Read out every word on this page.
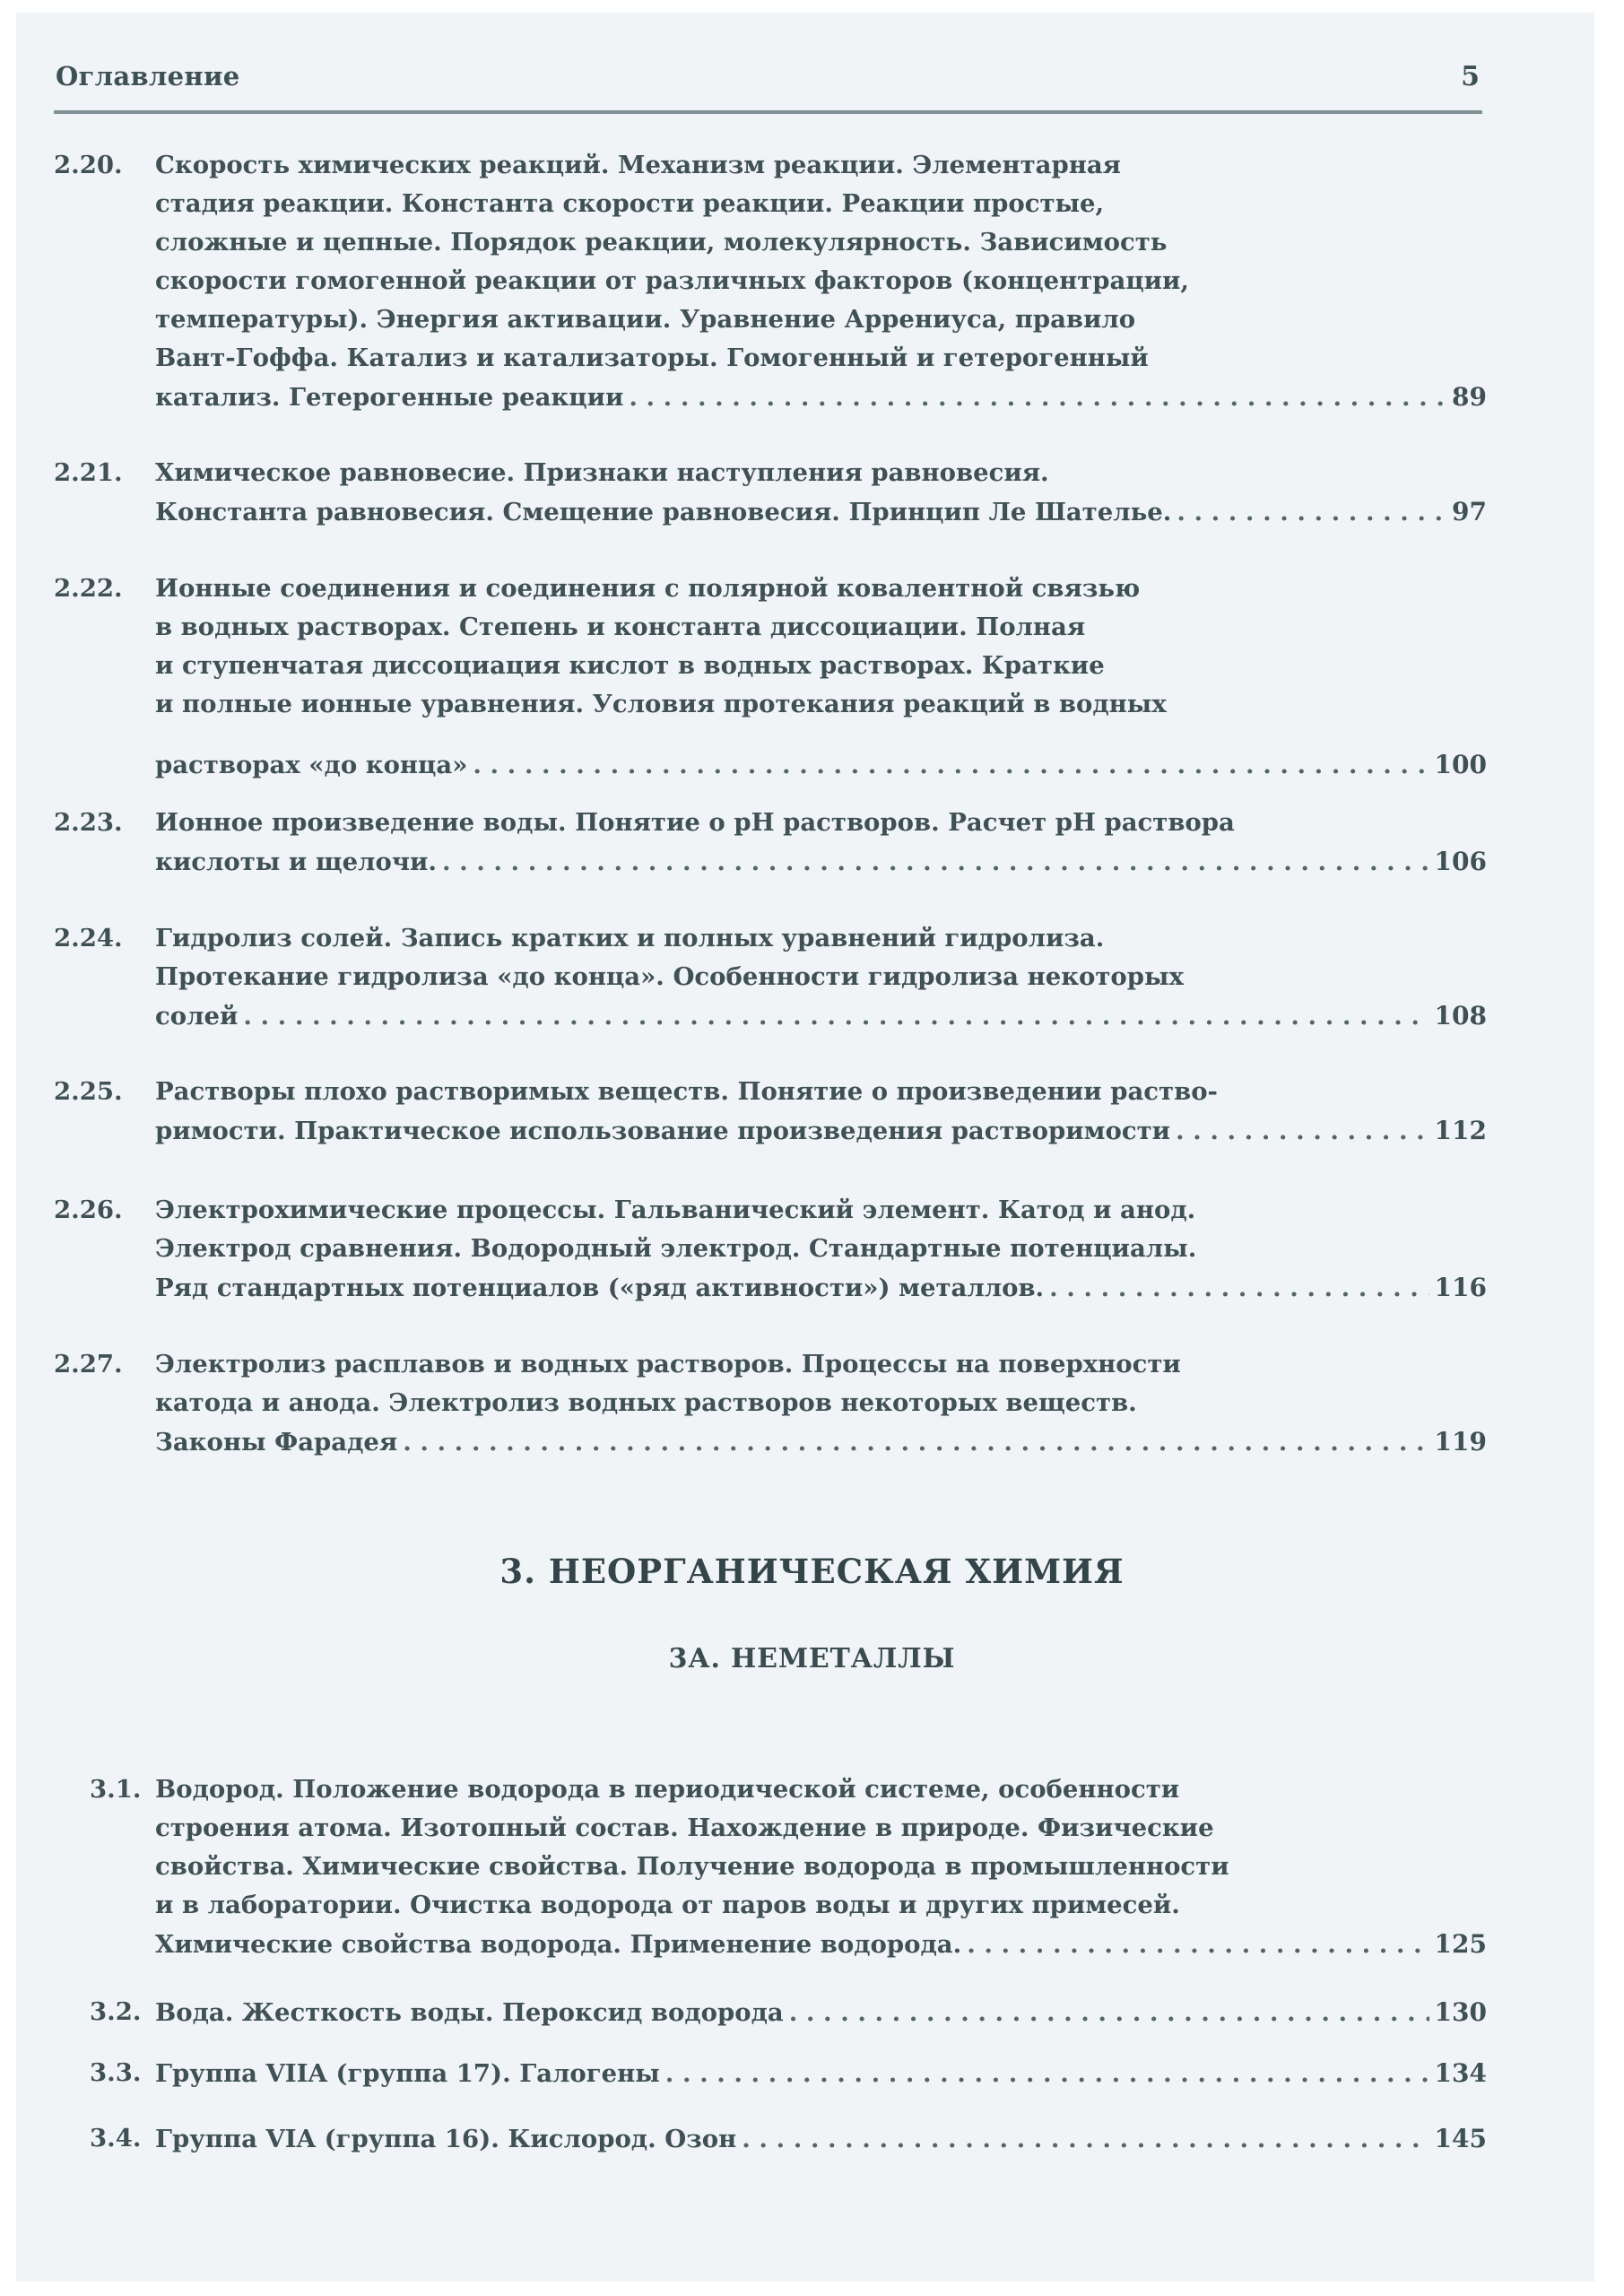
Оглавление	5
2.20.	Скорость химических реакций. Механизм реакции. Элементарная
стадия реакции. Константа скорости реакции. Реакции простые,
сложные и цепные. Порядок реакции, молекулярность. Зависимость
скорости гомогенной реакции от различных факторов (концентрации,
температуры). Энергия активации. Уравнение Аррениуса, правило
Вант-Гоффа. Катализ и катализаторы. Гомогенный и гетерогенный
катализ. Гетерогенные реакции . . .	89
2.21.	Химическое равновесие. Признаки наступления равновесия.
Константа равновесия. Смещение равновесия. Принцип Ле Шателье. . . .	97
2.22.	Ионные соединения и соединения с полярной ковалентной связью
в водных растворах. Степень и константа диссоциации. Полная
и ступенчатая диссоциация кислот в водных растворах. Краткие
и полные ионные уравнения. Условия протекания реакций в водных
растворах «до конца» . . .	100
2.23.	Ионное произведение воды. Понятие о pH растворов. Расчет pH раствора
кислоты и щелочи. . . .	106
2.24.	Гидролиз солей. Запись кратких и полных уравнений гидролиза.
Протекание гидролиза «до конца». Особенности гидролиза некоторых
солей . . .	108
2.25.	Растворы плохо растворимых веществ. Понятие о произведении раство-
римости. Практическое использование произведения растворимости . . .	112
2.26.	Электрохимические процессы. Гальванический элемент. Катод и анод.
Электрод сравнения. Водородный электрод. Стандартные потенциалы.
Ряд стандартных потенциалов («ряд активности») металлов. . . .	116
2.27.	Электролиз расплавов и водных растворов. Процессы на поверхности
катода и анода. Электролиз водных растворов некоторых веществ.
Законы Фарадея . . .	119
3. НЕОРГАНИЧЕСКАЯ ХИМИЯ
3А. НЕМЕТАЛЛЫ
3.1. Водород. Положение водорода в периодической системе, особенности
строения атома. Изотопный состав. Нахождение в природе. Физические
свойства. Химические свойства. Получение водорода в промышленности
и в лаборатории. Очистка водорода от паров воды и других примесей.
Химические свойства водорода. Применение водорода. . . .	125
3.2. Вода. Жесткость воды. Пероксид водорода . . .	130
3.3. Группа VIIA (группа 17). Галогены . . .	134
3.4. Группа VIA (группа 16). Кислород. Озон . . .	145
